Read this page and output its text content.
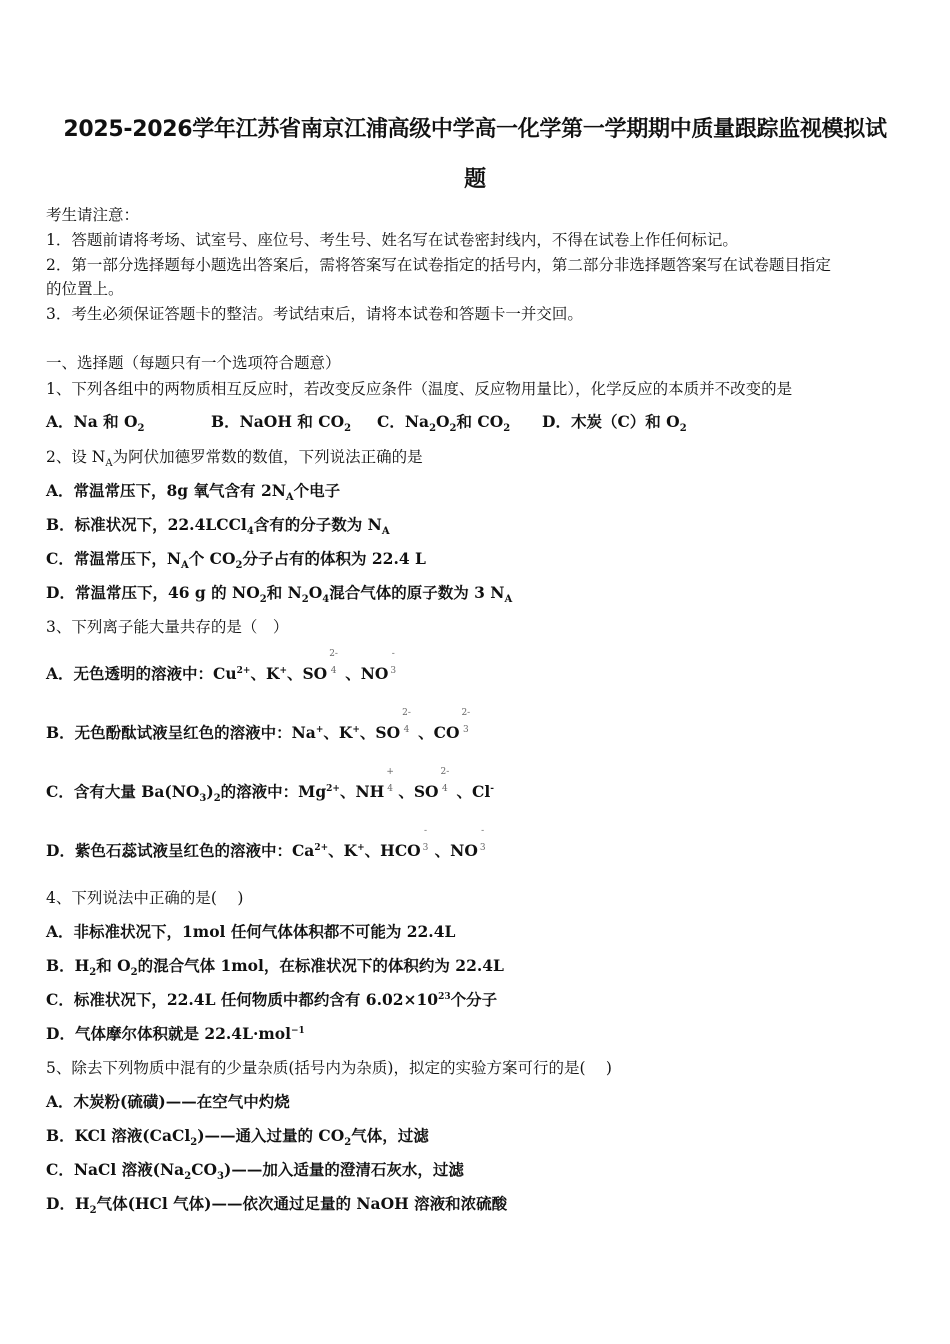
2025-2026学年江苏省南京江浦高级中学高一化学第一学期期中质量跟踪监视模拟试
题
考生请注意：
1．答题前请将考场、试室号、座位号、考生号、姓名写在试卷密封线内，不得在试卷上作任何标记。
2．第一部分选择题每小题选出答案后，需将答案写在试卷指定的括号内，第二部分非选择题答案写在试卷题目指定
的位置上。
3．考生必须保证答题卡的整洁。考试结束后，请将本试卷和答题卡一并交回。
一、选择题（每题只有一个选项符合题意）
1、下列各组中的两物质相互反应时，若改变反应条件（温度、反应物用量比），化学反应的本质并不改变的是
A．Na 和 $O_2$	B．NaOH 和 $CO_2$ C．$Na_2O_2$和 $CO_2$ D．木炭（C）和 $O_2$
2、设 $N_A$为阿伏加德罗常数的数值，下列说法正确的是
A．常温常压下，8g 氧气含有 $2N_A$个电子
B．标准状况下，22.4LCCl$_4$含有的分子数为 $N_A$
C．常温常压下，$N_A$个 $CO_2$分子占有的体积为 22.4 L
D．常温常压下，46 g 的 $NO_2$和 $N_2O_4$混合气体的原子数为 3 $N_A$
3、下列离子能大量共存的是（　）
A．无色透明的溶液中：$Cu^{2+}$、K+、SO
2-
4 、NO
-
3

B．无色酚酞试液呈红色的溶液中：Na+、K+、SO
2-
4 、CO
2-
3

C．含有大量 $Ba(NO_3)_2$的溶液中：$Mg^{2+}$、NH
+
4 、SO
2-
4 、Cl-
D．紫色石蕊试液呈红色的溶液中：$Ca^{2+}$、K+、HCO
-
3 、NO
-
3

4、下列说法中正确的是(　 )
A．非标准状况下，1mol 任何气体体积都不可能为 22.4L
B．$H_2$和 $O_2$的混合气体 1mol，在标准状况下的体积约为 22.4L
C．标准状况下，22.4L 任何物质中都约含有 $6.02\times 10^{23}$个分子
D．气体摩尔体积就是 22.4L·mol$^{-1}$
5、除去下列物质中混有的少量杂质(括号内为杂质)，拟定的实验方案可行的是(　 )
A．木炭粉(硫磺)——在空气中灼烧
B．KCl 溶液(CaCl$_2$)——通入过量的 $CO_2$气体，过滤
C．NaCl 溶液$(Na_2CO_3)——$加入适量的澄清石灰水，过滤
D．$H_2$气体(HCl 气体)——依次通过足量的 NaOH 溶液和浓硫酸
